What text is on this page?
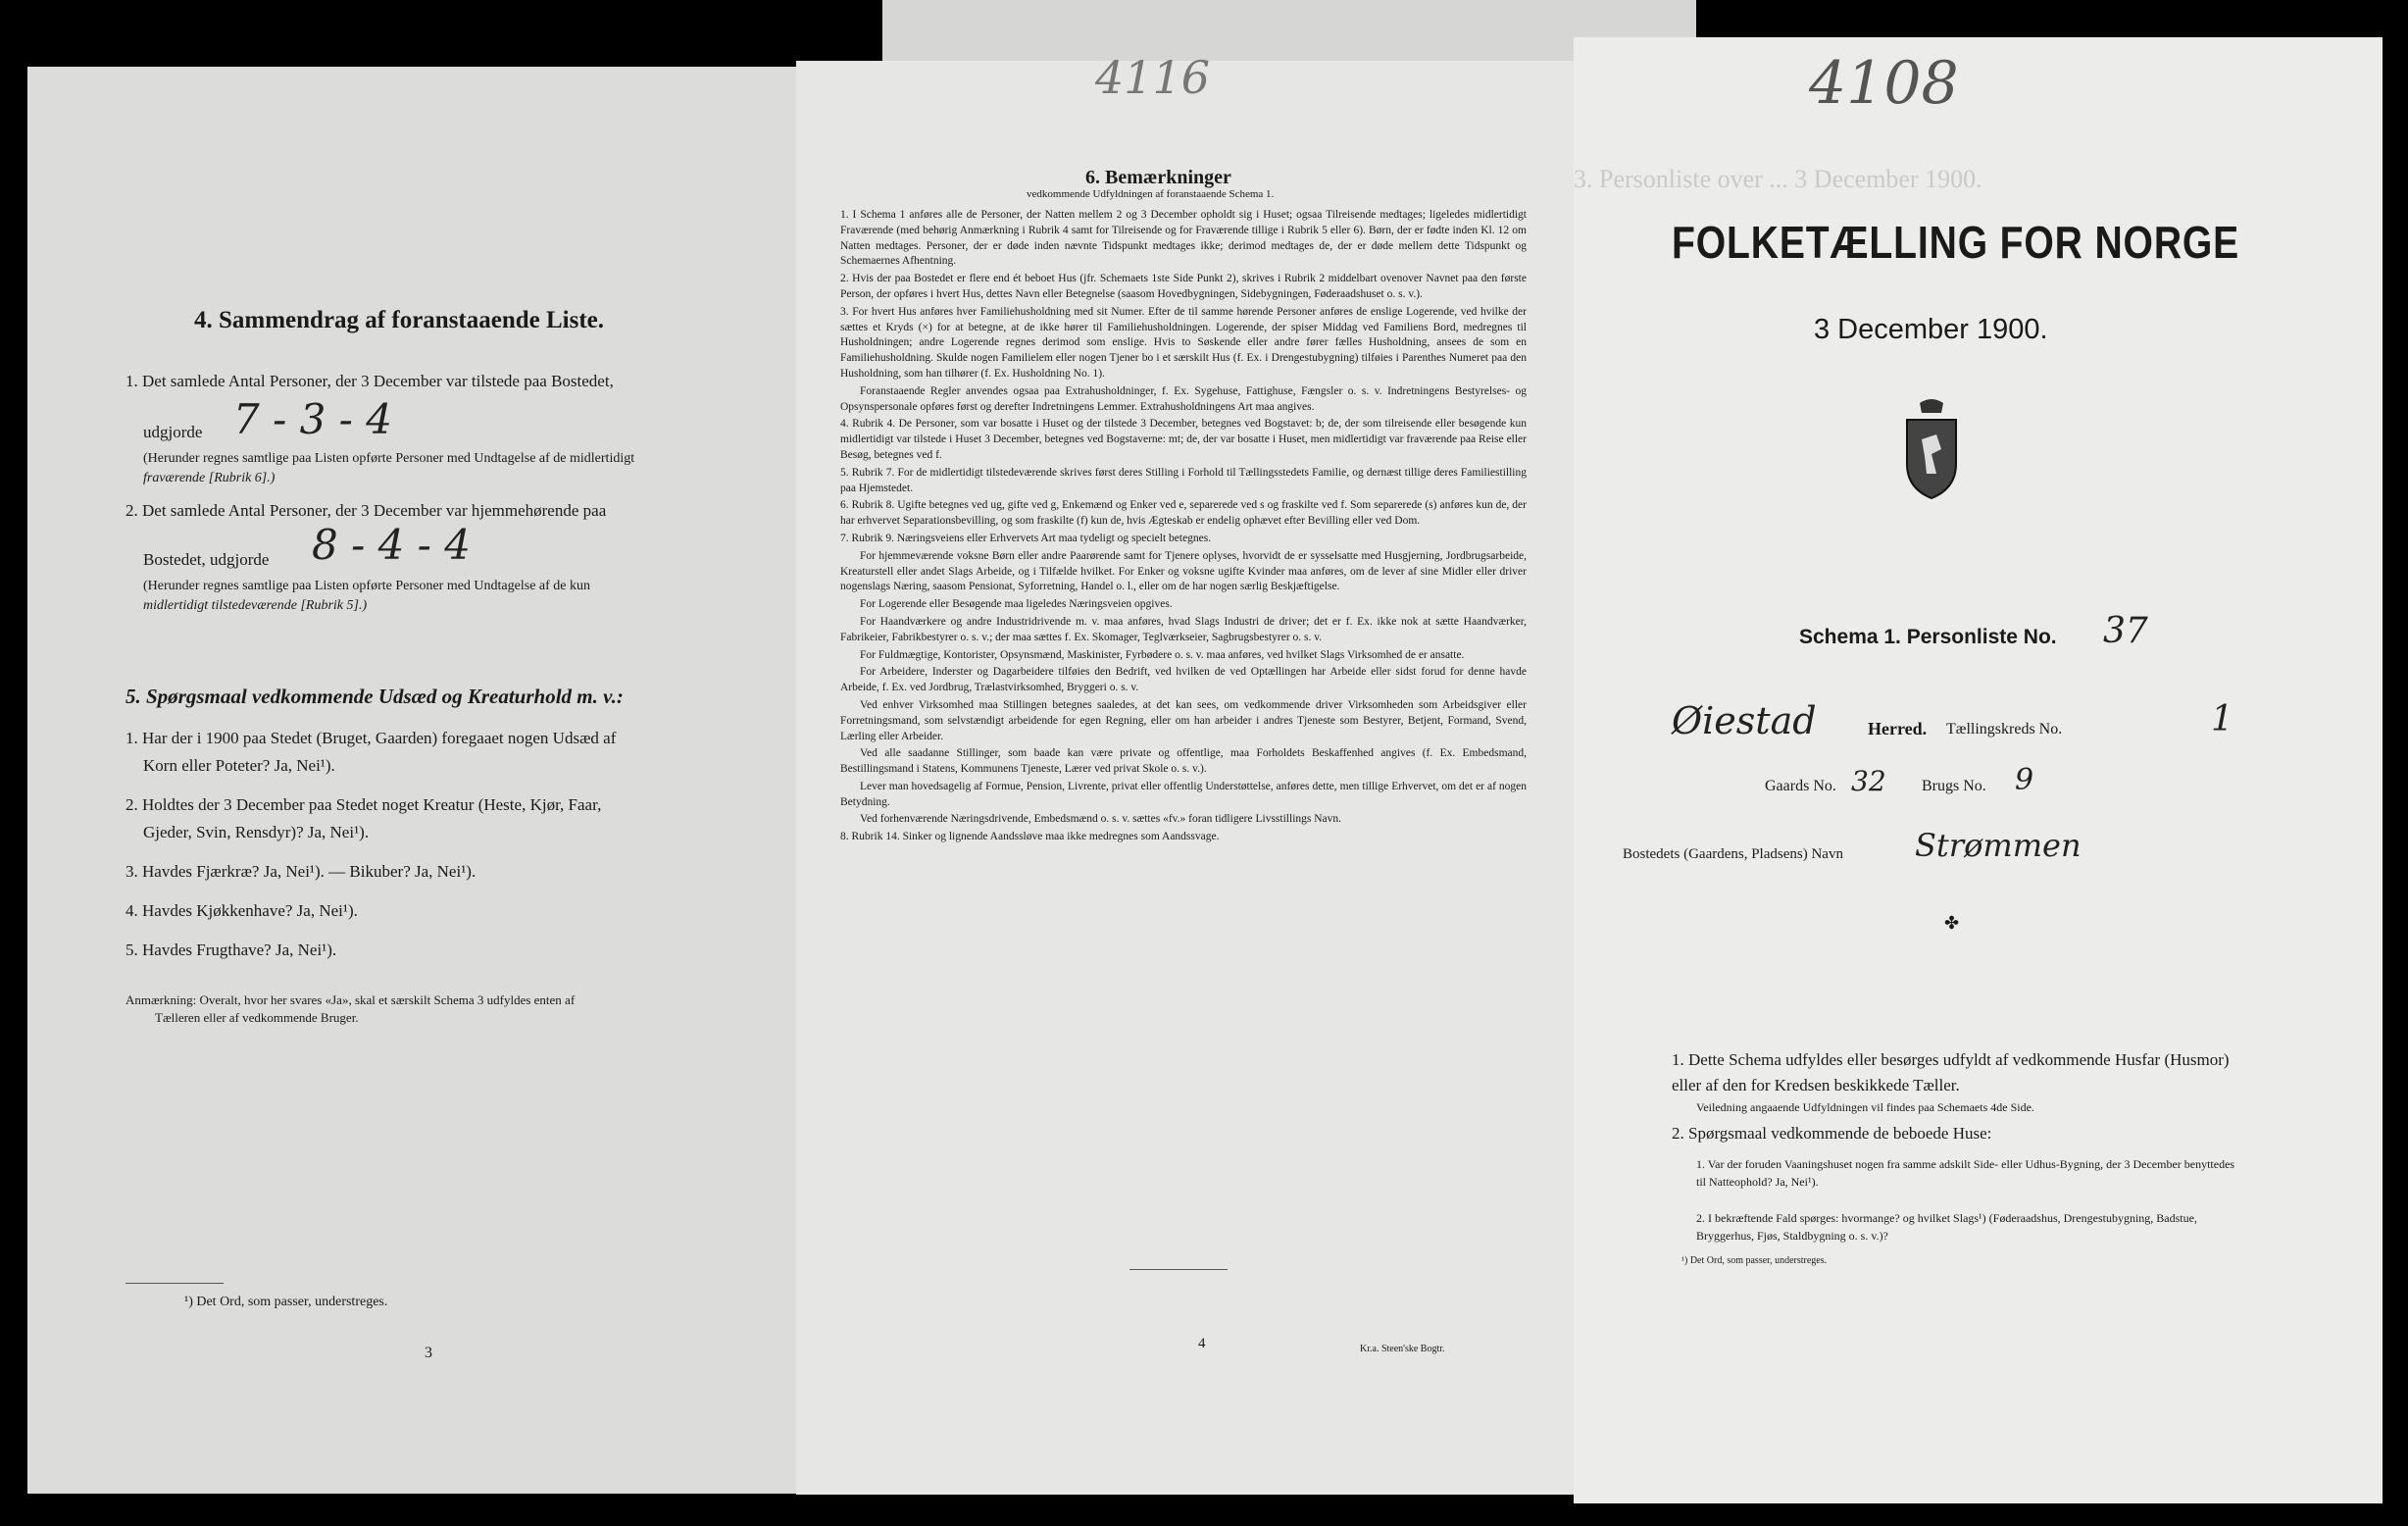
4. Sammendrag af foranstaaende Liste.
1. Det samlede Antal Personer, der 3 December var tilstede paa Bostedet,
udgjorde 7 - 3 - 4
(Herunder regnes samtlige paa Listen opførte Personer med Undtagelse af de midlertidigt
fraværende [Rubrik 6].)
2. Det samlede Antal Personer, der 3 December var hjemmehørende paa
Bostedet, udgjorde 8 - 4 - 4
(Herunder regnes samtlige paa Listen opførte Personer med Undtagelse af de kun
midlertidigt tilstedeværende [Rubrik 5].)
5. Spørgsmaal vedkommende Udsæd og Kreaturhold m. v.:
1. Har der i 1900 paa Stedet (Bruget, Gaarden) foregaaet nogen Udsæd af
Korn eller Poteter? Ja, Nei¹).
2. Holdtes der 3 December paa Stedet noget Kreatur (Heste, Kjør, Faar,
Gjeder, Svin, Rensdyr)? Ja, Nei¹).
3. Havdes Fjærkræ? Ja, Nei¹). — Bikuber? Ja, Nei¹).
4. Havdes Kjøkkenhave? Ja, Nei¹).
5. Havdes Frugthave? Ja, Nei¹).
Anmærkning: Overalt, hvor her svares «Ja», skal et særskilt Schema 3 udfyldes enten af
Tælleren eller af vedkommende Bruger.
¹) Det Ord, som passer, understreges.
3
4116
6. Bemærkninger
vedkommende Udfyldningen af foranstaaende Schema 1.
1. I Schema 1 anføres alle de Personer, der Natten mellem 2 og 3 December opholdt sig i Huset; ogsaa Tilreisende medtages; ligeledes midlertidigt Fraværende (med behørig Anmærkning i Rubrik 4 samt for Tilreisende og for Fraværende tillige i Rubrik 5 eller 6). Børn, der er fødte inden Kl. 12 om Natten medtages. Personer, der er døde inden nævnte Tidspunkt medtages ikke; derimod medtages de, der er døde mellem dette Tidspunkt og Schemaernes Afhentning.
2. Hvis der paa Bostedet er flere end ét beboet Hus (jfr. Schemaets 1ste Side Punkt 2), skrives i Rubrik 2 middelbart ovenover Navnet paa den første Person, der opføres i hvert Hus, dettes Navn eller Betegnelse (saasom Hovedbygningen, Sidebygningen, Føderaadshuset o. s. v.).
3. For hvert Hus anføres hver Familiehusholdning med sit Numer. Efter de til samme hørende Personer anføres de enslige Logerende, ved hvilke der sættes et Kryds (×) for at betegne, at de ikke hører til Familiehusholdningen. Logerende, der spiser Middag ved Familiens Bord, medregnes til Husholdningen; andre Logerende regnes derimod som enslige. Hvis to Søskende eller andre fører fælles Husholdning, ansees de som en Familiehusholdning. Skulde nogen Familielem eller nogen Tjener bo i et særskilt Hus (f. Ex. i Drengestubygning) tilføies i Parenthes Numeret paa den Husholdning, som han tilhører (f. Ex. Husholdning No. 1).
Foranstaaende Regler anvendes ogsaa paa Extrahusholdninger, f. Ex. Sygehuse, Fattighuse, Fængsler o. s. v. Indretningens Bestyrelses- og Opsynspersonale opføres først og derefter Indretningens Lemmer. Extrahusholdningens Art maa angives.
4. Rubrik 4. De Personer, som var bosatte i Huset og der tilstede 3 December, betegnes ved Bogstavet: b; de, der som tilreisende eller besøgende kun midlertidigt var tilstede i Huset 3 December, betegnes ved Bogstaverne: mt; de, der var bosatte i Huset, men midlertidigt var fraværende paa Reise eller Besøg, betegnes ved f.
5. Rubrik 7. For de midlertidigt tilstedeværende skrives først deres Stilling i Forhold til Tællingsstedets Familie, og dernæst tillige deres Familiestilling paa Hjemstedet.
6. Rubrik 8. Ugifte betegnes ved ug, gifte ved g, Enkemænd og Enker ved e, separerede ved s og fraskilte ved f. Som separerede (s) anføres kun de, der har erhvervet Separationsbevilling, og som fraskilte (f) kun de, hvis Ægteskab er endelig ophævet efter Bevilling eller ved Dom.
7. Rubrik 9. Næringsveiens eller Erhvervets Art maa tydeligt og specielt betegnes.
For hjemmeværende voksne Børn eller andre Paarørende samt for Tjenere oplyses, hvorvidt de er sysselsatte med Husgjerning, Jordbrugsarbeide, Kreaturstell eller andet Slags Arbeide, og i Tilfælde hvilket. For Enker og voksne ugifte Kvinder maa anføres, om de lever af sine Midler eller driver nogenslags Næring, saasom Pensionat, Syforretning, Handel o. l., eller om de har nogen særlig Beskjæftigelse.
For Logerende eller Besøgende maa ligeledes Næringsveien opgives.
For Haandværkere og andre Industridrivende m. v. maa anføres, hvad Slags Industri de driver; det er f. Ex. ikke nok at sætte Haandværker, Fabrikeier, Fabrikbestyrer o. s. v.; der maa sættes f. Ex. Skomager, Teglværkseier, Sagbrugsbestyrer o. s. v.
For Fuldmægtige, Kontorister, Opsynsmænd, Maskinister, Fyrbødere o. s. v. maa anføres, ved hvilket Slags Virksomhed de er ansatte.
For Arbeidere, Inderster og Dagarbeidere tilføies den Bedrift, ved hvilken de ved Optællingen har Arbeide eller sidst forud for denne havde Arbeide, f. Ex. ved Jordbrug, Trælastvirksomhed, Bryggeri o. s. v.
Ved enhver Virksomhed maa Stillingen betegnes saaledes, at det kan sees, om vedkommende driver Virksomheden som Arbeidsgiver eller Forretningsmand, som selvstændigt arbeidende for egen Regning, eller om han arbeider i andres Tjeneste som Bestyrer, Betjent, Formand, Svend, Lærling eller Arbeider.
Ved alle saadanne Stillinger, som baade kan være private og offentlige, maa Forholdets Beskaffenhed angives (f. Ex. Embedsmand, Bestillingsmand i Statens, Kommunens Tjeneste, Lærer ved privat Skole o. s. v.).
Lever man hovedsagelig af Formue, Pension, Livrente, privat eller offentlig Understøttelse, anføres dette, men tillige Erhvervet, om det er af nogen Betydning.
Ved forhenværende Næringsdrivende, Embedsmænd o. s. v. sættes «fv.» foran tidligere Livsstillings Navn.
8. Rubrik 14. Sinker og lignende Aandssløve maa ikke medregnes som Aandssvage.
4	Kr.a. Steen'ske Bogtr.
4108
3. Personliste over ... 3 December 1900.
FOLKETÆLLING FOR NORGE
3 December 1900.
Schema 1. Personliste No. 37
Øiestad	Herred. Tællingskreds No.	1
Gaards No. 32 Brugs No. 9
Bostedets (Gaardens, Pladsens) Navn Strømmen
✤
1. Dette Schema udfyldes eller besørges udfyldt af vedkommende Husfar (Husmor) eller af den for Kredsen beskikkede Tæller.
Veiledning angaaende Udfyldningen vil findes paa Schemaets 4de Side.
2. Spørgsmaal vedkommende de beboede Huse:
1. Var der foruden Vaaningshuset nogen fra samme adskilt Side- eller Udhus-Bygning, der 3 December benyttedes til Natteophold? Ja, Nei¹).
2. I bekræftende Fald spørges: hvormange? og hvilket Slags¹) (Føderaadshus, Drengestubygning, Badstue, Bryggerhus, Fjøs, Staldbygning o. s. v.)?
¹) Det Ord, som passer, understreges.
